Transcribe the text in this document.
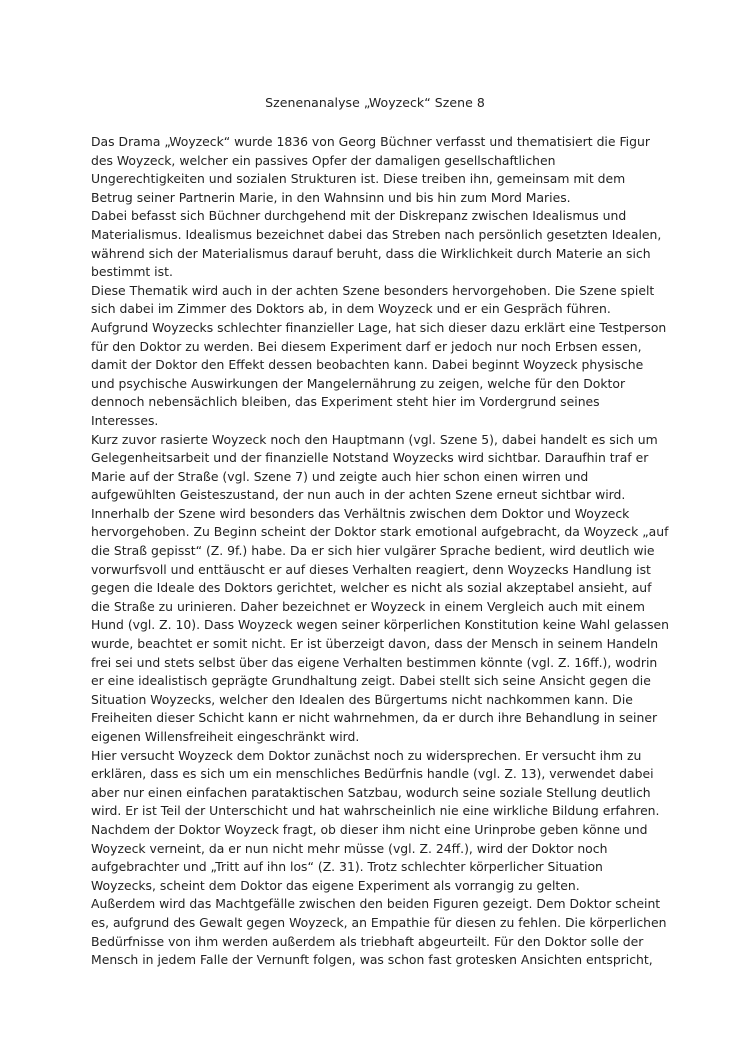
Szenenanalyse „Woyzeck“ Szene 8
Das Drama „Woyzeck“ wurde 1836 von Georg Büchner verfasst und thematisiert die Figur
des Woyzeck, welcher ein passives Opfer der damaligen gesellschaftlichen
Ungerechtigkeiten und sozialen Strukturen ist. Diese treiben ihn, gemeinsam mit dem
Betrug seiner Partnerin Marie, in den Wahnsinn und bis hin zum Mord Maries.
Dabei befasst sich Büchner durchgehend mit der Diskrepanz zwischen Idealismus und
Materialismus. Idealismus bezeichnet dabei das Streben nach persönlich gesetzten Idealen,
während sich der Materialismus darauf beruht, dass die Wirklichkeit durch Materie an sich
bestimmt ist.
Diese Thematik wird auch in der achten Szene besonders hervorgehoben. Die Szene spielt
sich dabei im Zimmer des Doktors ab, in dem Woyzeck und er ein Gespräch führen.
Aufgrund Woyzecks schlechter finanzieller Lage, hat sich dieser dazu erklärt eine Testperson
für den Doktor zu werden. Bei diesem Experiment darf er jedoch nur noch Erbsen essen,
damit der Doktor den Effekt dessen beobachten kann. Dabei beginnt Woyzeck physische
und psychische Auswirkungen der Mangelernährung zu zeigen, welche für den Doktor
dennoch nebensächlich bleiben, das Experiment steht hier im Vordergrund seines
Interesses.
Kurz zuvor rasierte Woyzeck noch den Hauptmann (vgl. Szene 5), dabei handelt es sich um
Gelegenheitsarbeit und der finanzielle Notstand Woyzecks wird sichtbar. Daraufhin traf er
Marie auf der Straße (vgl. Szene 7) und zeigte auch hier schon einen wirren und
aufgewühlten Geisteszustand, der nun auch in der achten Szene erneut sichtbar wird.
Innerhalb der Szene wird besonders das Verhältnis zwischen dem Doktor und Woyzeck
hervorgehoben. Zu Beginn scheint der Doktor stark emotional aufgebracht, da Woyzeck „auf
die Straß gepisst“ (Z. 9f.) habe. Da er sich hier vulgärer Sprache bedient, wird deutlich wie
vorwurfsvoll und enttäuscht er auf dieses Verhalten reagiert, denn Woyzecks Handlung ist
gegen die Ideale des Doktors gerichtet, welcher es nicht als sozial akzeptabel ansieht, auf
die Straße zu urinieren. Daher bezeichnet er Woyzeck in einem Vergleich auch mit einem
Hund (vgl. Z. 10). Dass Woyzeck wegen seiner körperlichen Konstitution keine Wahl gelassen
wurde, beachtet er somit nicht. Er ist überzeigt davon, dass der Mensch in seinem Handeln
frei sei und stets selbst über das eigene Verhalten bestimmen könnte (vgl. Z. 16ff.), wodrin
er eine idealistisch geprägte Grundhaltung zeigt. Dabei stellt sich seine Ansicht gegen die
Situation Woyzecks, welcher den Idealen des Bürgertums nicht nachkommen kann. Die
Freiheiten dieser Schicht kann er nicht wahrnehmen, da er durch ihre Behandlung in seiner
eigenen Willensfreiheit eingeschränkt wird.
Hier versucht Woyzeck dem Doktor zunächst noch zu widersprechen. Er versucht ihm zu
erklären, dass es sich um ein menschliches Bedürfnis handle (vgl. Z. 13), verwendet dabei
aber nur einen einfachen parataktischen Satzbau, wodurch seine soziale Stellung deutlich
wird. Er ist Teil der Unterschicht und hat wahrscheinlich nie eine wirkliche Bildung erfahren.
Nachdem der Doktor Woyzeck fragt, ob dieser ihm nicht eine Urinprobe geben könne und
Woyzeck verneint, da er nun nicht mehr müsse (vgl. Z. 24ff.), wird der Doktor noch
aufgebrachter und „Tritt auf ihn los“ (Z. 31). Trotz schlechter körperlicher Situation
Woyzecks, scheint dem Doktor das eigene Experiment als vorrangig zu gelten.
Außerdem wird das Machtgefälle zwischen den beiden Figuren gezeigt. Dem Doktor scheint
es, aufgrund des Gewalt gegen Woyzeck, an Empathie für diesen zu fehlen. Die körperlichen
Bedürfnisse von ihm werden außerdem als triebhaft abgeurteilt. Für den Doktor solle der
Mensch in jedem Falle der Vernunft folgen, was schon fast grotesken Ansichten entspricht,
